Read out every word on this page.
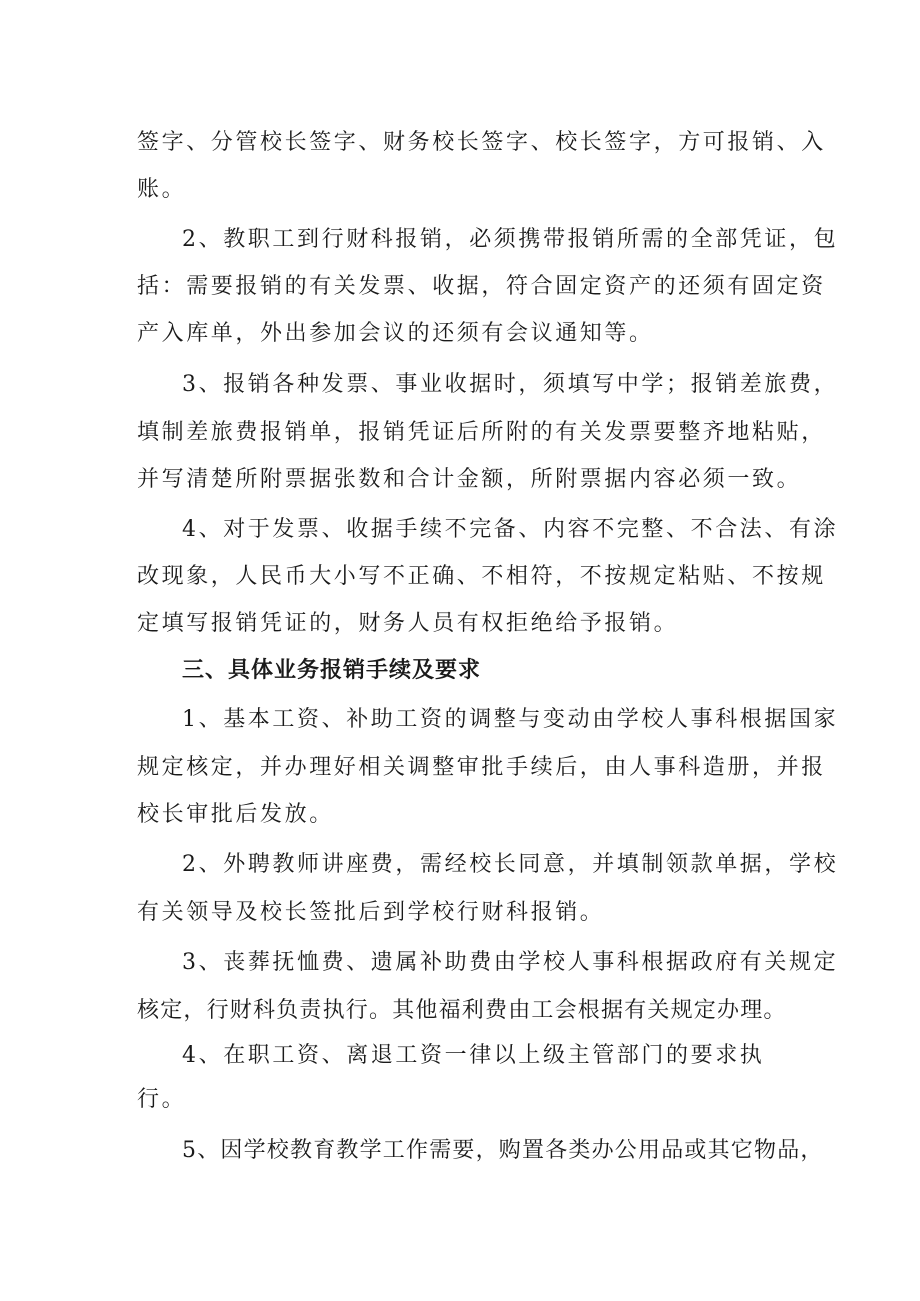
签字、分管校长签字、财务校长签字、校长签字，方可报销、入
账。
2、教职工到行财科报销，必须携带报销所需的全部凭证，包
括：需要报销的有关发票、收据，符合固定资产的还须有固定资
产入库单，外出参加会议的还须有会议通知等。
3、报销各种发票、事业收据时，须填写中学；报销差旅费，
填制差旅费报销单，报销凭证后所附的有关发票要整齐地粘贴，
并写清楚所附票据张数和合计金额，所附票据内容必须一致。
4、对于发票、收据手续不完备、内容不完整、不合法、有涂
改现象，人民币大小写不正确、不相符，不按规定粘贴、不按规
定填写报销凭证的，财务人员有权拒绝给予报销。
三、具体业务报销手续及要求
1、基本工资、补助工资的调整与变动由学校人事科根据国家
规定核定，并办理好相关调整审批手续后，由人事科造册，并报
校长审批后发放。
2、外聘教师讲座费，需经校长同意，并填制领款单据，学校
有关领导及校长签批后到学校行财科报销。
3、丧葬抚恤费、遗属补助费由学校人事科根据政府有关规定
核定，行财科负责执行。其他福利费由工会根据有关规定办理。
4、在职工资、离退工资一律以上级主管部门的要求执
行。
5、因学校教育教学工作需要，购置各类办公用品或其它物品，
